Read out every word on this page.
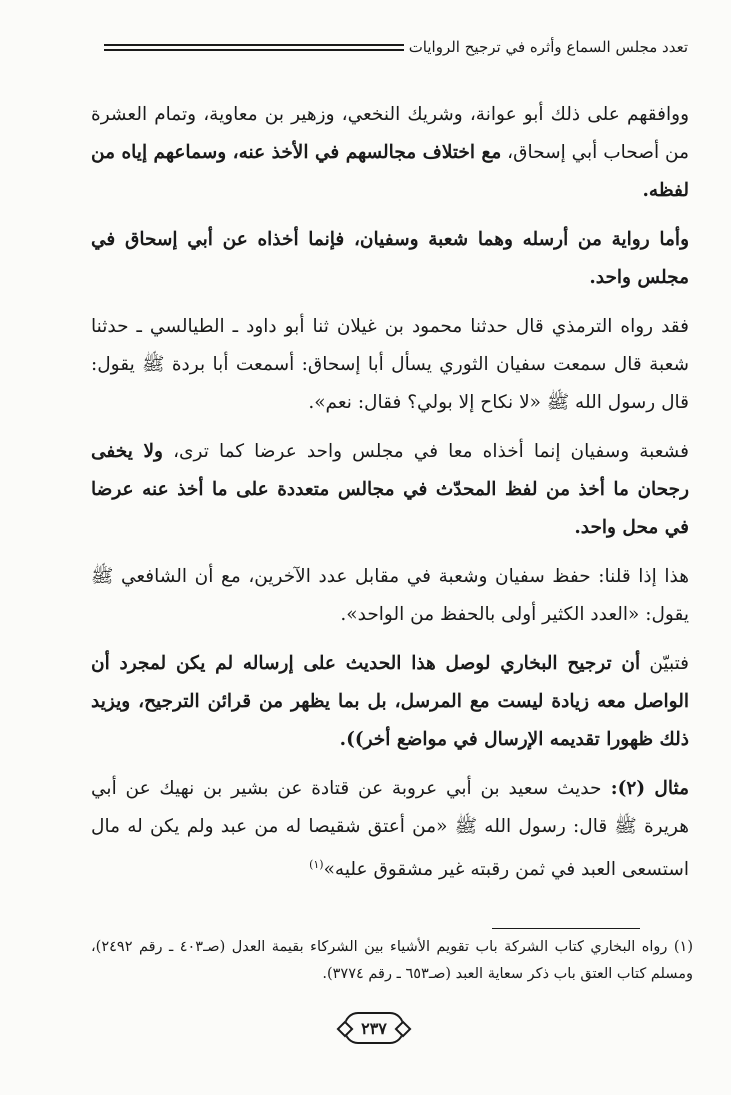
تعدد مجلس السماع وأثره في ترجيح الروايات

ووافقهم على ذلك أبو عوانة، وشريك النخعي، وزهير بن معاوية، وتمام العشرة من أصحاب أبي إسحاق، مع اختلاف مجالسهم في الأخذ عنه، وسماعهم إياه من لفظه.

وأما رواية من أرسله وهما شعبة وسفيان، فإنما أخذاه عن أبي إسحاق في مجلس واحد.

فقد رواه الترمذي قال حدثنا محمود بن غيلان ثنا أبو داود ـ الطيالسي ـ حدثنا شعبة قال سمعت سفيان الثوري يسأل أبا إسحاق: أسمعت أبا بردة ﷺ يقول: قال رسول الله ﷺ «لا نكاح إلا بولي؟ فقال: نعم».

فشعبة وسفيان إنما أخذاه معا في مجلس واحد عرضا كما ترى، ولا يخفى رجحان ما أخذ من لفظ المحدّث في مجالس متعددة على ما أخذ عنه عرضا في محل واحد.

هذا إذا قلنا: حفظ سفيان وشعبة في مقابل عدد الآخرين، مع أن الشافعي ﷺ يقول: «العدد الكثير أولى بالحفظ من الواحد».

فتبيّن أن ترجيح البخاري لوصل هذا الحديث على إرساله لم يكن لمجرد أن الواصل معه زيادة ليست مع المرسل، بل بما يظهر من قرائن الترجيح، ويزيد ذلك ظهورا تقديمه الإرسال في مواضع أخر)).

مثال (٢): حديث سعيد بن أبي عروبة عن قتادة عن بشير بن نهيك عن أبي هريرة ﷺ قال: رسول الله ﷺ «من أعتق شقيصا له من عبد ولم يكن له مال استسعى العبد في ثمن رقبته غير مشقوق عليه»$^{(١)}$

(١) رواه البخاري كتاب الشركة باب تقويم الأشياء بين الشركاء بقيمة العدل (صـ٤٠٣ ـ رقم ٢٤٩٢)، ومسلم كتاب العتق باب ذكر سعاية العبد (صـ٦٥٣ ـ رقم ٣٧٧٤).
٢٣٧
